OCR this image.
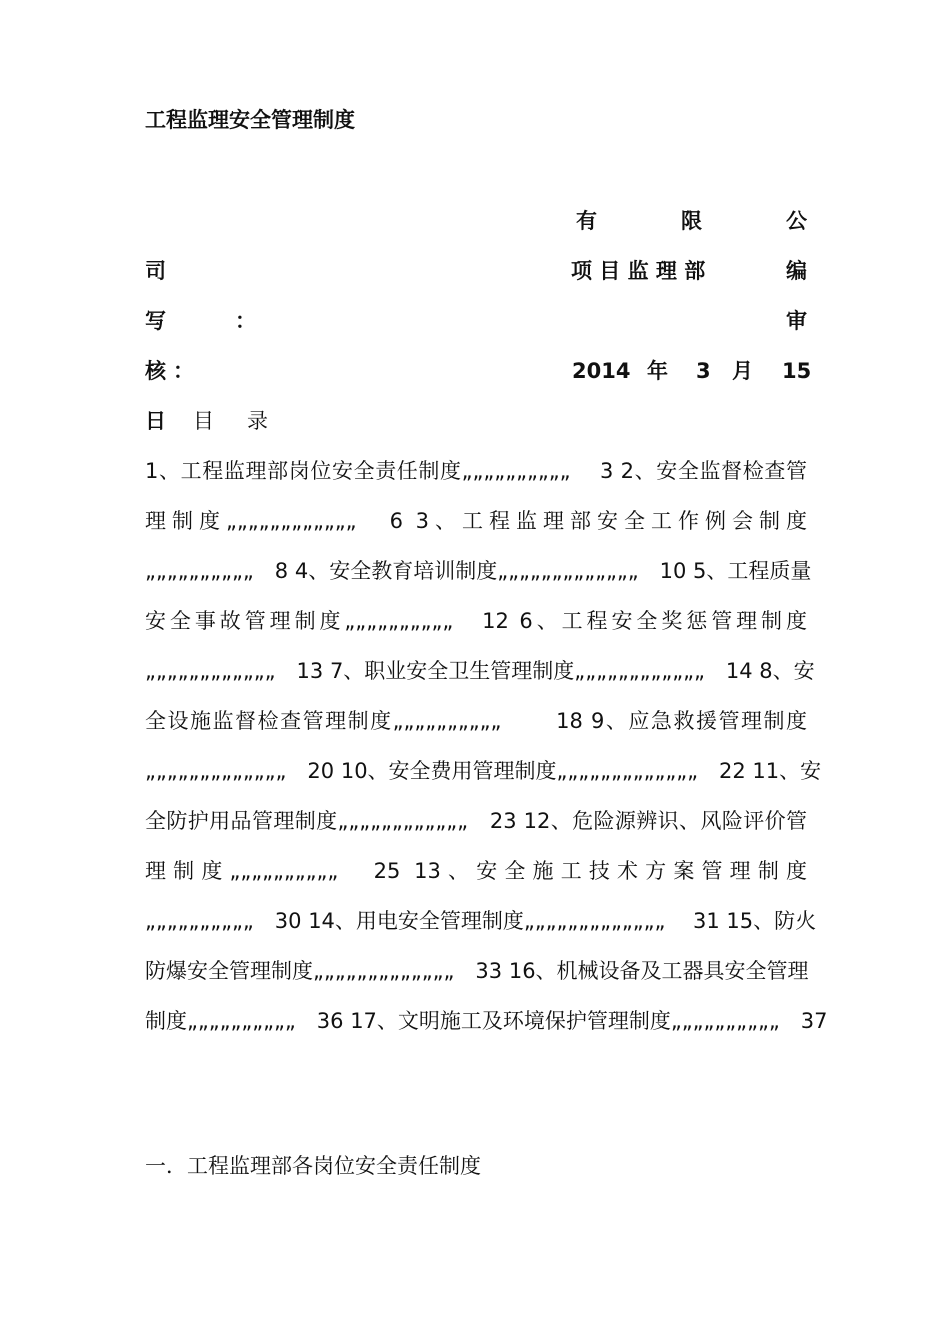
工程监理安全管理制度
有	限	公
司	项 目 监 理 部	编
写	：	审
核 ：	2014 年 3 月 15
日 目　录
1、工程监理部岗位安全责任制度„„„„„„„„„„　 3 2、安全监督检查管
理制度„„„„„„„„„„„„　6 3、工程监理部安全工作例会制度
„„„„„„„„„„　8 4、安全教育培训制度„„„„„„„„„„„„„　10 5、工程质量
安全事故管理制度„„„„„„„„„„　12 6、工程安全奖惩管理制度
„„„„„„„„„„„„　13 7、职业安全卫生管理制度„„„„„„„„„„„„　14 8、安
全设施监督检查管理制度„„„„„„„„„„　　 18 9、应急救援管理制度
„„„„„„„„„„„„„　20 10、安全费用管理制度„„„„„„„„„„„„„　22 11、安
全防护用品管理制度„„„„„„„„„„„„　23 12、危险源辨识、风险评价管
理制度„„„„„„„„„„　25 13、安全施工技术方案管理制度
„„„„„„„„„„　30 14、用电安全管理制度„„„„„„„„„„„„„　 31 15、防火
防爆安全管理制度„„„„„„„„„„„„„　33 16、机械设备及工器具安全管理
制度„„„„„„„„„„　36 17、文明施工及环境保护管理制度„„„„„„„„„„　37
一．工程监理部各岗位安全责任制度
